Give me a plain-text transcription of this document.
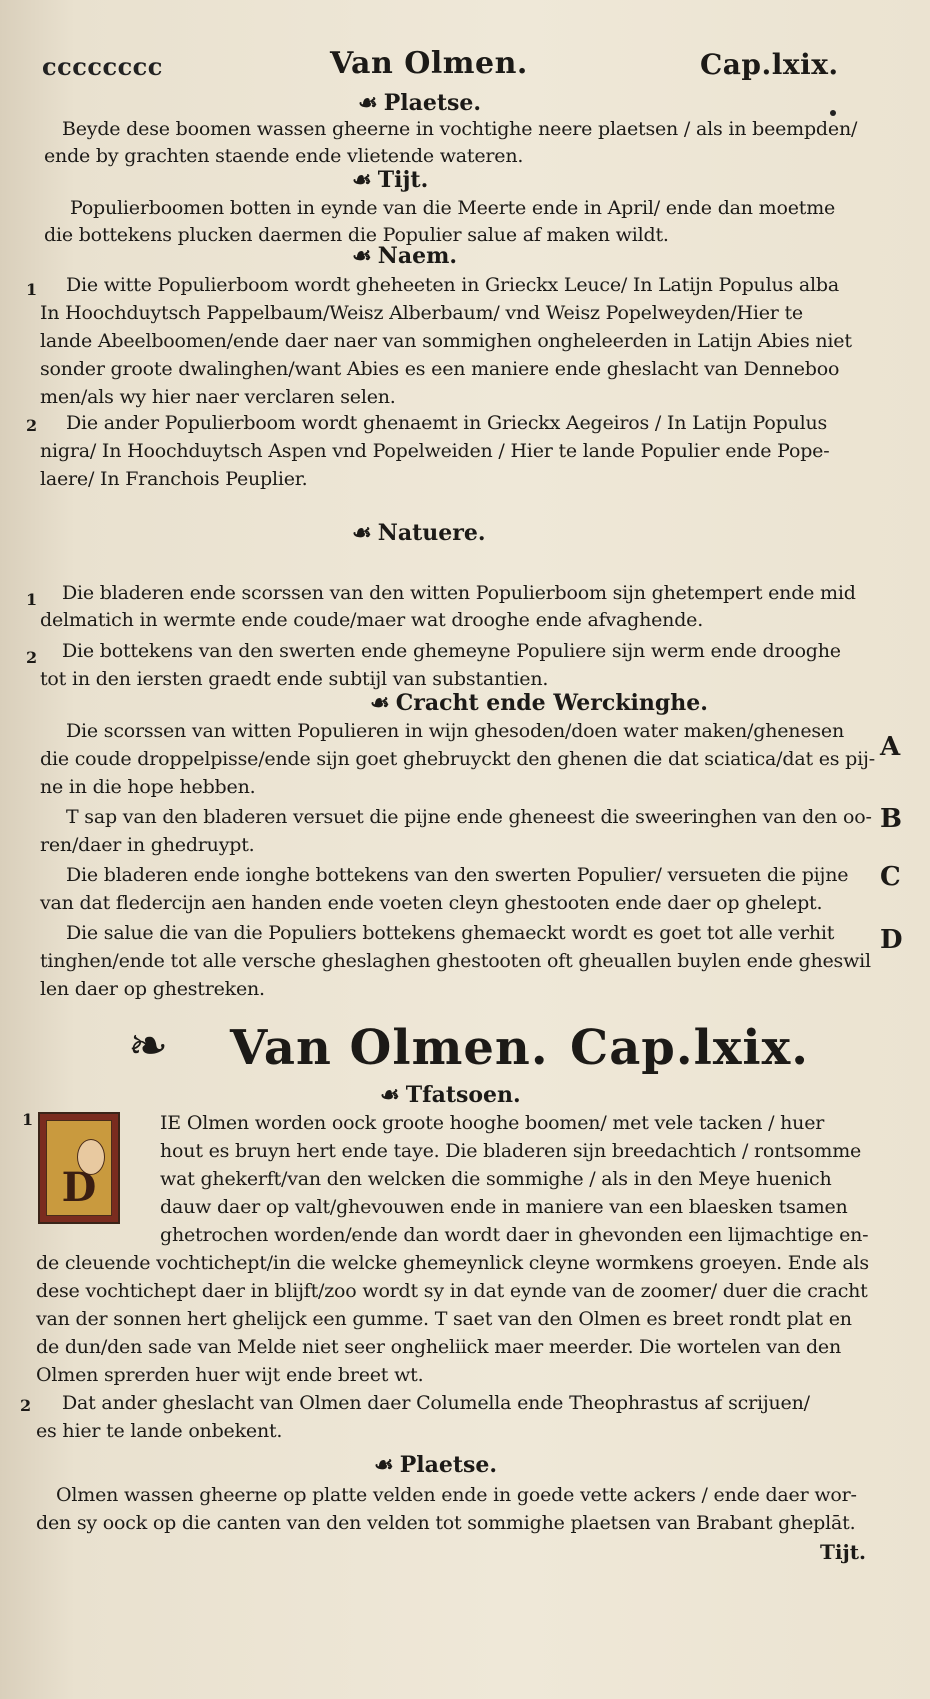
cccccccc	Van Olmen.	Cap.lxix.
☙ Plaetse.
Beyde dese boomen wassen gheerne in vochtighe neere plaetsen / als in beempden/
ende by grachten staende ende vlietende wateren.
☙ Tijt.
Populierboomen botten in eynde van die Meerte ende in April/ ende dan moetme
die bottekens plucken daermen die Populier salue af maken wildt.
☙ Naem.
1 Die witte Populierboom wordt gheheeten in Grieckx Leuce/ In Latijn Populus alba
In Hoochduytsch Pappelbaum/Weisz Alberbaum/ vnd Weisz Popelweyden/Hier te
lande Abeelboomen/ende daer naer van sommighen ongheleerden in Latijn Abies niet
sonder groote dwalinghen/want Abies es een maniere ende gheslacht van Denneboo
men/als wy hier naer verclaren selen.
2 Die ander Populierboom wordt ghenaemt in Grieckx Aegeiros / In Latijn Populus
nigra/ In Hoochduytsch Aspen vnd Popelweiden / Hier te lande Populier ende Pope-
laere/ In Franchois Peuplier.
☙ Natuere.
1 Die bladeren ende scorssen van den witten Populierboom sijn ghetempert ende mid
delmatich in wermte ende coude/maer wat drooghe ende afvaghende.
2 Die bottekens van den swerten ende ghemeyne Populiere sijn werm ende drooghe
tot in den iersten graedt ende subtijl van substantien.
☙ Cracht ende Werckinghe.
Die scorssen van witten Populieren in wijn ghesoden/doen water maken/ghenesen
A
die coude droppelpisse/ende sijn goet ghebruyckt den ghenen die dat sciatica/dat es pij-
ne in die hope hebben.
T sap van den bladeren versuet die pijne ende gheneest die sweeringhen van den oo- B
ren/daer in ghedruypt.
Die bladeren ende ionghe bottekens van den swerten Populier/ versueten die pijne C
van dat fledercijn aen handen ende voeten cleyn ghestooten ende daer op ghelept.
Die salue die van die Populiers bottekens ghemaeckt wordt es goet tot alle verhit D
tinghen/ende tot alle versche gheslaghen ghestooten oft gheuallen buylen ende gheswil
len daer op ghestreken.
❧ Van Olmen. Cap.lxix.
☙ Tfatsoen.
1
D
IE Olmen worden oock groote hooghe boomen/ met vele tacken / huer
hout es bruyn hert ende taye. Die bladeren sijn breedachtich / rontsomme
wat ghekerft/van den welcken die sommighe / als in den Meye huenich
dauw daer op valt/ghevouwen ende in maniere van een blaesken tsamen
ghetrochen worden/ende dan wordt daer in ghevonden een lijmachtige en-
de cleuende vochtichept/in die welcke ghemeynlick cleyne wormkens groeyen. Ende als
dese vochtichept daer in blijft/zoo wordt sy in dat eynde van de zoomer/ duer die cracht
van der sonnen hert ghelijck een gumme. T saet van den Olmen es breet rondt plat en
de dun/den sade van Melde niet seer ongheliick maer meerder. Die wortelen van den
Olmen sprerden huer wijt ende breet wt.
2 Dat ander gheslacht van Olmen daer Columella ende Theophrastus af scrijuen/
es hier te lande onbekent.
☙ Plaetse.
Olmen wassen gheerne op platte velden ende in goede vette ackers / ende daer wor-
den sy oock op die canten van den velden tot sommighe plaetsen van Brabant gheplāt.
Tijt.
